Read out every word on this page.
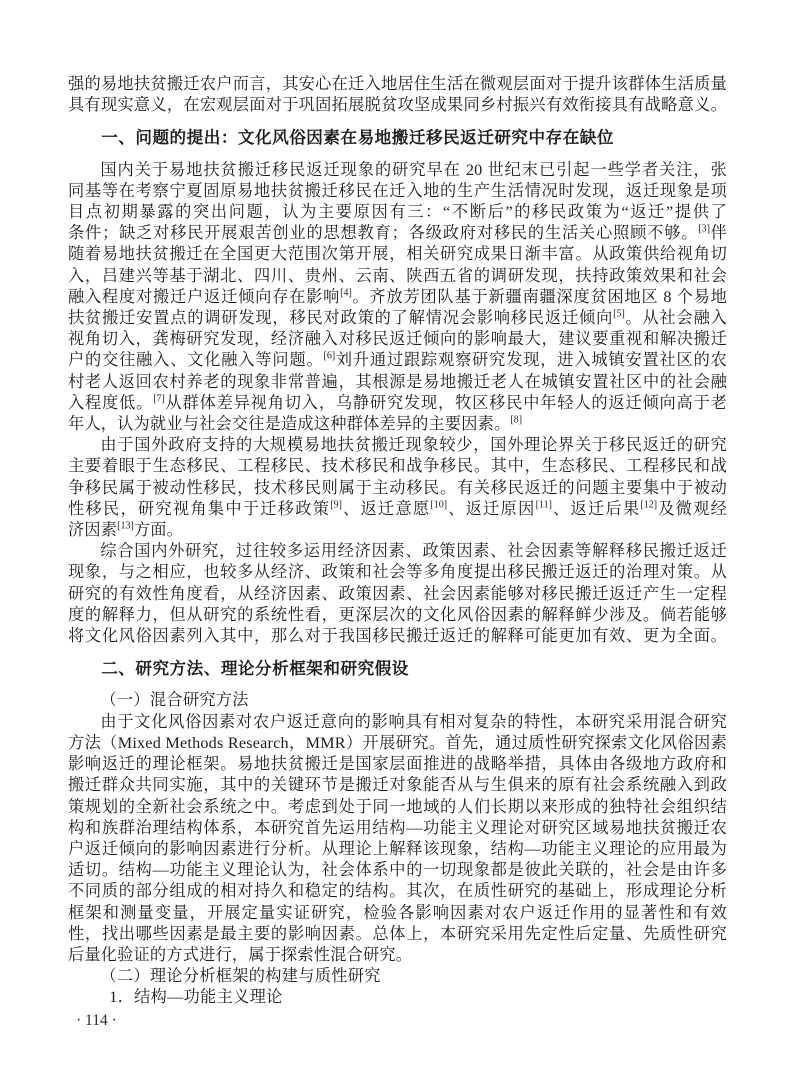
强的易地扶贫搬迁农户而言，其安心在迁入地居住生活在微观层面对于提升该群体生活质量
具有现实意义，在宏观层面对于巩固拓展脱贫攻坚成果同乡村振兴有效衔接具有战略意义。
一、问题的提出：文化风俗因素在易地搬迁移民返迁研究中存在缺位
国内关于易地扶贫搬迁移民返迁现象的研究早在 20 世纪末已引起一些学者关注，张
同基等在考察宁夏固原易地扶贫搬迁移民在迁入地的生产生活情况时发现，返迁现象是项
目点初期暴露的突出问题，认为主要原因有三：“不断后”的移民政策为“返迁”提供了
条件；缺乏对移民开展艰苦创业的思想教育；各级政府对移民的生活关心照顾不够。[3]伴
随着易地扶贫搬迁在全国更大范围次第开展，相关研究成果日渐丰富。从政策供给视角切
入，吕建兴等基于湖北、四川、贵州、云南、陕西五省的调研发现，扶持政策效果和社会
融入程度对搬迁户返迁倾向存在影响[4]。齐放芳团队基于新疆南疆深度贫困地区 8 个易地
扶贫搬迁安置点的调研发现，移民对政策的了解情况会影响移民返迁倾向[5]。从社会融入
视角切入，龚梅研究发现，经济融入对移民返迁倾向的影响最大，建议要重视和解决搬迁
户的交往融入、文化融入等问题。[6]刘升通过跟踪观察研究发现，进入城镇安置社区的农
村老人返回农村养老的现象非常普遍，其根源是易地搬迁老人在城镇安置社区中的社会融
入程度低。[7]从群体差异视角切入，乌静研究发现，牧区移民中年轻人的返迁倾向高于老
年人，认为就业与社会交往是造成这种群体差异的主要因素。[8]
由于国外政府支持的大规模易地扶贫搬迁现象较少，国外理论界关于移民返迁的研究
主要着眼于生态移民、工程移民、技术移民和战争移民。其中，生态移民、工程移民和战
争移民属于被动性移民，技术移民则属于主动移民。有关移民返迁的问题主要集中于被动
性移民，研究视角集中于迁移政策[9]、返迁意愿[10]、返迁原因[11]、返迁后果[12]及微观经
济因素[13]方面。
综合国内外研究，过往较多运用经济因素、政策因素、社会因素等解释移民搬迁返迁
现象，与之相应，也较多从经济、政策和社会等多角度提出移民搬迁返迁的治理对策。从
研究的有效性角度看，从经济因素、政策因素、社会因素能够对移民搬迁返迁产生一定程
度的解释力，但从研究的系统性看，更深层次的文化风俗因素的解释鲜少涉及。倘若能够
将文化风俗因素列入其中，那么对于我国移民搬迁返迁的解释可能更加有效、更为全面。
二、研究方法、理论分析框架和研究假设
（一）混合研究方法
由于文化风俗因素对农户返迁意向的影响具有相对复杂的特性，本研究采用混合研究
方法（Mixed Methods Research，MMR）开展研究。首先，通过质性研究探索文化风俗因素
影响返迁的理论框架。易地扶贫搬迁是国家层面推进的战略举措，具体由各级地方政府和
搬迁群众共同实施，其中的关键环节是搬迁对象能否从与生俱来的原有社会系统融入到政
策规划的全新社会系统之中。考虑到处于同一地域的人们长期以来形成的独特社会组织结
构和族群治理结构体系，本研究首先运用结构—功能主义理论对研究区域易地扶贫搬迁农
户返迁倾向的影响因素进行分析。从理论上解释该现象，结构—功能主义理论的应用最为
适切。结构—功能主义理论认为，社会体系中的一切现象都是彼此关联的，社会是由许多
不同质的部分组成的相对持久和稳定的结构。其次，在质性研究的基础上，形成理论分析
框架和测量变量，开展定量实证研究，检验各影响因素对农户返迁作用的显著性和有效
性，找出哪些因素是最主要的影响因素。总体上，本研究采用先定性后定量、先质性研究
后量化验证的方式进行，属于探索性混合研究。
（二）理论分析框架的构建与质性研究
1．结构—功能主义理论
· 114 ·
